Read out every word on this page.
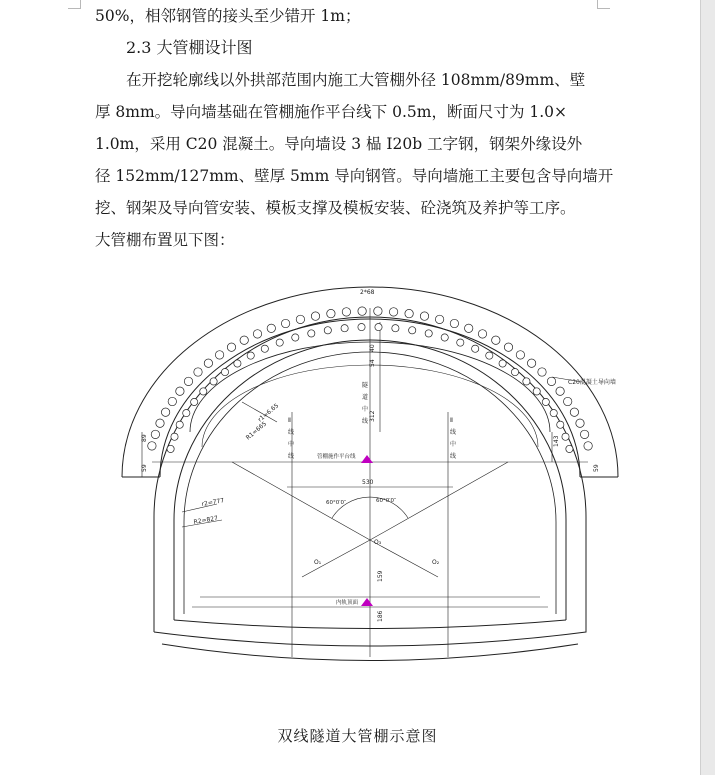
50%，相邻钢管的接头至少错开 1m；
2.3 大管棚设计图
在开挖轮廓线以外拱部范围内施工大管棚外径 108mm/89mm、壁
厚 8mm。导向墙基础在管棚施作平台线下 0.5m，断面尺寸为 1.0×
1.0m，采用 C20 混凝土。导向墙设 3 榀 I20b 工字钢，钢架外缘设外
径 152mm/127mm、壁厚 5mm 导向钢管。导向墙施工主要包含导向墙开
挖、钢架及导向管安装、模板支撑及模板安装、砼浇筑及养护等工序。
大管棚布置见下图：
2*68
C20混凝土导向墙
r1=6.65
R1=665
r2=777
R2=827
管棚施作平台线
内轨顶面
54
40
312
143
89
59	59
530
60°0′0″	60°0′0″
159
186
O₁	O₂
O₃
Ⅱ
线
中
线
隧
道
中
线	Ⅱ
线
中
线
双线隧道大管棚示意图
